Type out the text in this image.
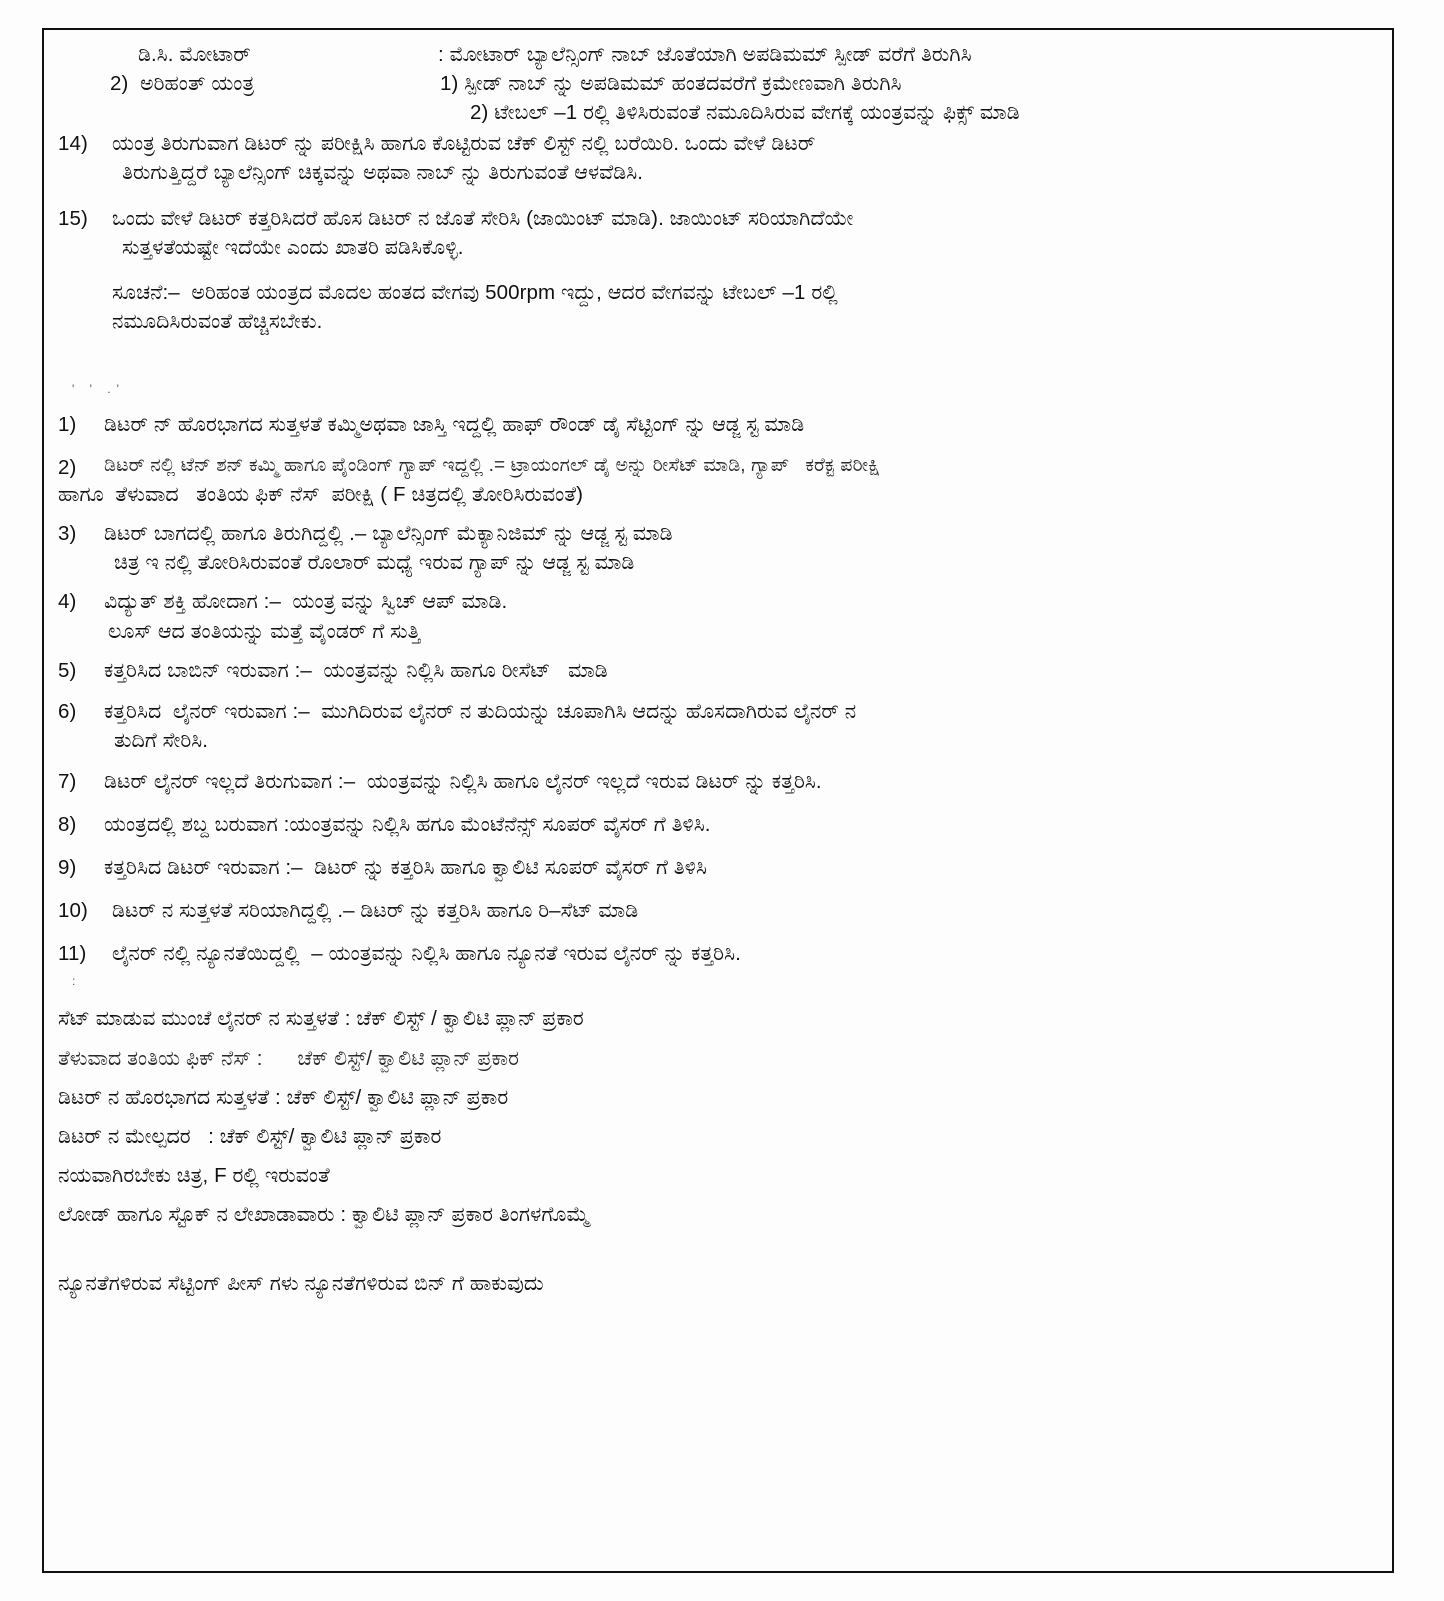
ಡಿ.ಸಿ. ಮೋಟಾರ್	: ಮೋಟಾರ್ ಬ್ಯಾಲೆನ್ಸಿಂಗ್ ನಾಬ್ ಜೊತೆಯಾಗಿ ಅಪಡಿಮಮ್ ಸ್ಪೀಡ್ ವರೆಗೆ ತಿರುಗಿಸಿ
2)  ಅರಿಹಂತ್ ಯಂತ್ರ	1) ಸ್ಪೀಡ್ ನಾಬ್ ನ್ನು ಅಪಡಿಮಮ್ ಹಂತದವರೆಗೆ ಕ್ರಮೇಣವಾಗಿ ತಿರುಗಿಸಿ

2) ಟೇಬಲ್ –1 ರಲ್ಲಿ ತಿಳಿಸಿರುವಂತೆ ನಮೂದಿಸಿರುವ ವೇಗಕ್ಕೆ ಯಂತ್ರವನ್ನು ಫಿಕ್ಸ್ ಮಾಡಿ
14)	ಯಂತ್ರ ತಿರುಗುವಾಗ ಡಿಟರ್ ನ್ನು ಪರೀಕ್ಷಿಸಿ ಹಾಗೂ ಕೊಟ್ಟಿರುವ ಚೆಕ್ ಲಿಸ್ಟ್ ನಲ್ಲಿ ಬರೆಯಿರಿ. ಒಂದು ವೇಳೆ ಡಿಟರ್
ತಿರುಗುತ್ತಿದ್ದರೆ ಬ್ಯಾಲೆನ್ಸಿಂಗ್ ಚಿಕ್ಕವನ್ನು ಅಥವಾ ನಾಬ್ ನ್ನು ತಿರುಗುವಂತೆ ಆಳವೆಡಿಸಿ.
15)	ಒಂದು ವೇಳೆ ಡಿಟರ್ ಕತ್ತರಿಸಿದರೆ ಹೊಸ ಡಿಟರ್ ನ ಜೊತೆ ಸೇರಿಸಿ (ಜಾಯಿಂಟ್ ಮಾಡಿ). ಜಾಯಿಂಟ್ ಸರಿಯಾಗಿದೆಯೇ
ಸುತ್ತಳತೆಯಷ್ಟೇ ಇದೆಯೇ ಎಂದು ಖಾತರಿ ಪಡಿಸಿಕೊಳ್ಳಿ.
ಸೂಚನೆ:–  ಅರಿಹಂತ ಯಂತ್ರದ ಮೊದಲ ಹಂತದ ವೇಗವು 500rpm ಇದ್ದು, ಆದರ ವೇಗವನ್ನು ಟೇಬಲ್ –1 ರಲ್ಲಿ
ನಮೂದಿಸಿರುವಂತೆ ಹೆಚ್ಚಿಸಬೇಕು.
' ' .'
1)	ಡಿಟರ್ ನ್ ಹೊರಭಾಗದ ಸುತ್ತಳತೆ ಕಮ್ಮಿಅಥವಾ ಜಾಸ್ತಿ ಇದ್ದಲ್ಲಿ ಹಾಫ್ ರೌಂಡ್ ಡೈ ಸೆಟ್ಟಿಂಗ್ ನ್ನು ಆಡ್ಜ ಸ್ಟ ಮಾಡಿ
2)	ಡಿಟರ್ ನಲ್ಲಿ ಟೆನ್ ಶನ್ ಕಮ್ಮಿ ಹಾಗೂ ಪೈಂಡಿಂಗ್ ಗ್ಯಾಪ್ ಇದ್ದಲ್ಲಿ .= ಟ್ರಾಯಂಗಲ್ ಡೈ ಅನ್ನು ರೀಸೆಟ್ ಮಾಡಿ, ಗ್ಯಾಪ್   ಕರೆಕ್ಟ ಪರೀಕ್ಷಿ
ಹಾಗೂ  ತೆಳುವಾದ   ತಂತಿಯ ಫಿಕ್ ನೆಸ್  ಪರೀಕ್ಷಿ ( F ಚಿತ್ರದಲ್ಲಿ ತೋರಿಸಿರುವಂತೆ)
3)	ಡಿಟರ್ ಬಾಗದಲ್ಲಿ ಹಾಗೂ ತಿರುಗಿದ್ದಲ್ಲಿ .– ಬ್ಯಾಲೆನ್ಸಿಂಗ್ ಮೆಕ್ಯಾನಿಜಿಮ್ ನ್ನು ಆಡ್ಜ ಸ್ಟ ಮಾಡಿ
ಚಿತ್ರ ಇ ನಲ್ಲಿ ತೋರಿಸಿರುವಂತೆ ರೊಲಾರ್ ಮಧ್ಯೆ ಇರುವ ಗ್ಯಾಪ್ ನ್ನು ಆಡ್ಜ ಸ್ಟ ಮಾಡಿ
4)	ವಿದ್ಯುತ್ ಶಕ್ತಿ ಹೋದಾಗ :–  ಯಂತ್ರ ವನ್ನು ಸ್ವಿಚ್ ಆಪ್ ಮಾಡಿ.
ಲೂಸ್ ಆದ ತಂತಿಯನ್ನು ಮತ್ತೆ ವೈಂಡರ್ ಗೆ ಸುತ್ತಿ
5)	ಕತ್ತರಿಸಿದ ಬಾಬಿನ್ ಇರುವಾಗ :–  ಯಂತ್ರವನ್ನು ನಿಲ್ಲಿಸಿ ಹಾಗೂ ರೀಸೆಟ್   ಮಾಡಿ
6)	ಕತ್ತರಿಸಿದ  ಲೈನರ್ ಇರುವಾಗ :–  ಮುಗಿದಿರುವ ಲೈನರ್ ನ ತುದಿಯನ್ನು ಚೂಪಾಗಿಸಿ ಆದನ್ನು ಹೊಸದಾಗಿರುವ ಲೈನರ್ ನ
ತುದಿಗೆ ಸೇರಿಸಿ.
7)	ಡಿಟರ್ ಲೈನರ್ ಇಲ್ಲದೆ ತಿರುಗುವಾಗ :–  ಯಂತ್ರವನ್ನು ನಿಲ್ಲಿಸಿ ಹಾಗೂ ಲೈನರ್ ಇಲ್ಲದೆ ಇರುವ ಡಿಟರ್ ನ್ನು ಕತ್ತರಿಸಿ.
8)	ಯಂತ್ರದಲ್ಲಿ ಶಬ್ದ ಬರುವಾಗ :ಯಂತ್ರವನ್ನು ನಿಲ್ಲಿಸಿ ಹಗೂ ಮೆಂಟೆನೆನ್ಸ್ ಸೂಪರ್ ವೈಸರ್ ಗೆ ತಿಳಿಸಿ.
9)	ಕತ್ತರಿಸಿದ ಡಿಟರ್ ಇರುವಾಗ :–  ಡಿಟರ್ ನ್ನು ಕತ್ತರಿಸಿ ಹಾಗೂ ಕ್ವಾಲಿಟಿ ಸೂಪರ್ ವೈಸರ್ ಗೆ ತಿಳಿಸಿ
10)	ಡಿಟರ್ ನ ಸುತ್ತಳತೆ ಸರಿಯಾಗಿದ್ದಲ್ಲಿ .– ಡಿಟರ್ ನ್ನು ಕತ್ತರಿಸಿ ಹಾಗೂ ರಿ–ಸೆಟ್ ಮಾಡಿ
11)	ಲೈನರ್ ನಲ್ಲಿ ನ್ಯೂನತೆಯಿದ್ದಲ್ಲಿ  – ಯಂತ್ರವನ್ನು ನಿಲ್ಲಿಸಿ ಹಾಗೂ ನ್ಯೂನತೆ ಇರುವ ಲೈನರ್ ನ್ನು ಕತ್ತರಿಸಿ.
:
ಸೆಟ್ ಮಾಡುವ ಮುಂಚೆ ಲೈನರ್ ನ ಸುತ್ತಳತೆ : ಚೆಕ್ ಲಿಸ್ಟ್ / ಕ್ವಾಲಿಟಿ ಪ್ಲಾನ್ ಪ್ರಕಾರ
ತೆಳುವಾದ ತಂತಿಯ ಫಿಕ್ ನೆಸ್ :      ಚೆಕ್ ಲಿಸ್ಟ್/ ಕ್ವಾಲಿಟಿ ಪ್ಲಾನ್ ಪ್ರಕಾರ
ಡಿಟರ್ ನ ಹೊರಭಾಗದ ಸುತ್ತಳತೆ : ಚೆಕ್ ಲಿಸ್ಟ್/ ಕ್ವಾಲಿಟಿ ಪ್ಲಾನ್ ಪ್ರಕಾರ
ಡಿಟರ್ ನ ಮೇಲ್ಪದರ   : ಚೆಕ್ ಲಿಸ್ಟ್/ ಕ್ವಾಲಿಟಿ ಪ್ಲಾನ್ ಪ್ರಕಾರ
ನಯವಾಗಿರಬೇಕು ಚಿತ್ರ, F ರಲ್ಲಿ ಇರುವಂತೆ
ಲೋಡ್ ಹಾಗೂ ಸ್ಟೊಕ್ ನ ಲೇಖಾಡಾವಾರು : ಕ್ವಾಲಿಟಿ ಪ್ಲಾನ್ ಪ್ರಕಾರ ತಿಂಗಳಗೊಮ್ಮೆ
ನ್ಯೂನತೆಗಳಿರುವ ಸೆಟ್ಟಿಂಗ್ ಪೀಸ್ ಗಳು ನ್ಯೂನತೆಗಳಿರುವ ಬಿನ್ ಗೆ ಹಾಕುವುದು
